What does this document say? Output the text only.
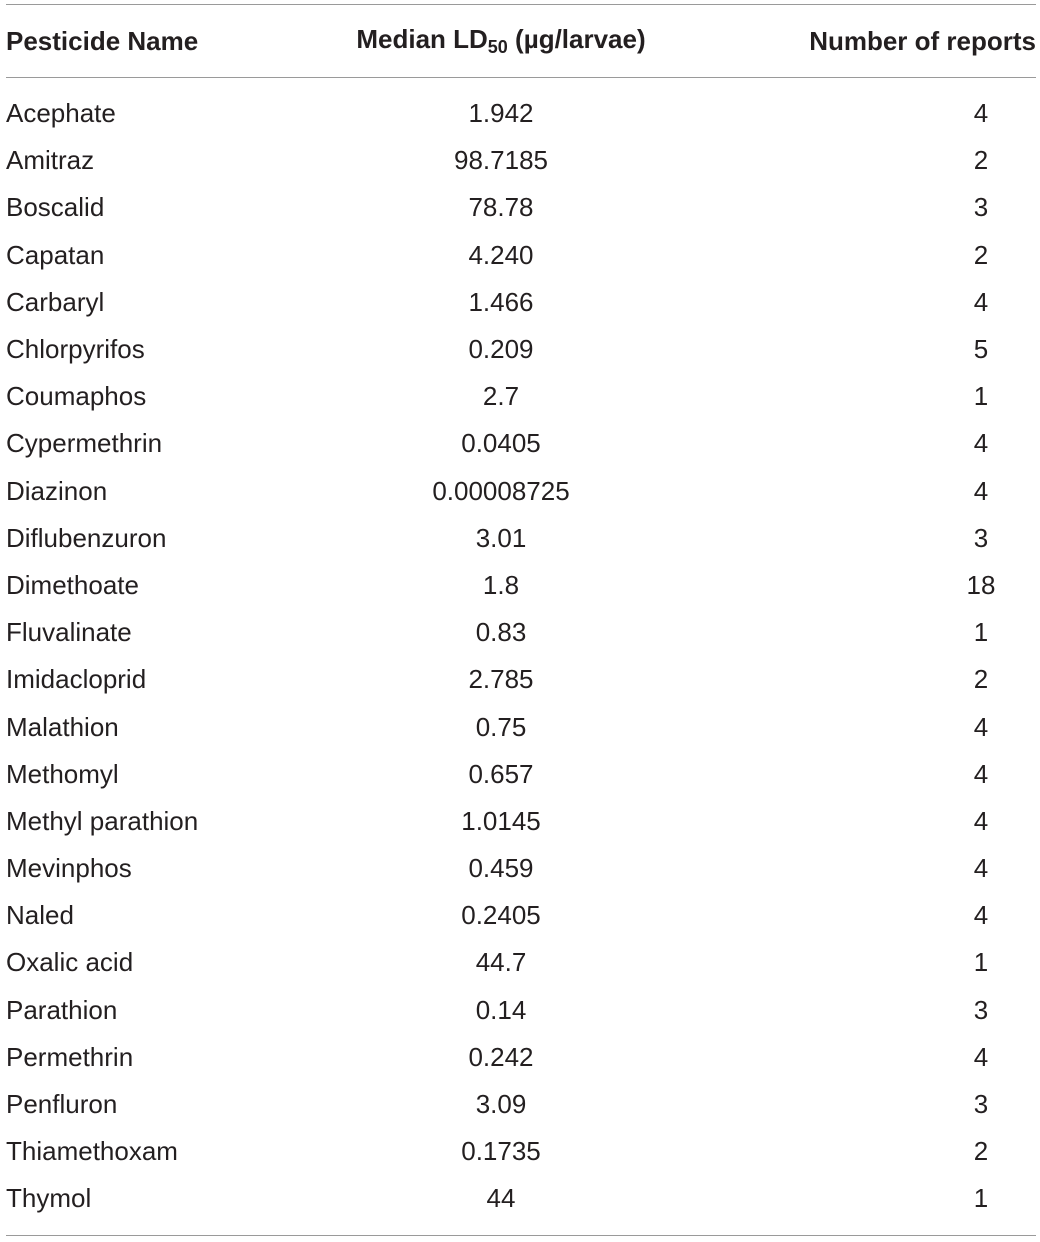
Pesticide Name	Median $LD_{50}$ (µg/larvae)	Number of reports
Acephate	1.942	4
Amitraz	98.7185	2
Boscalid	78.78	3
Capatan	4.240	2
Carbaryl	1.466	4
Chlorpyrifos	0.209	5
Coumaphos	2.7	1
Cypermethrin	0.0405	4
Diazinon	0.00008725	4
Diflubenzuron	3.01	3
Dimethoate	1.8	18
Fluvalinate	0.83	1
Imidacloprid	2.785	2
Malathion	0.75	4
Methomyl	0.657	4
Methyl parathion	1.0145	4
Mevinphos	0.459	4
Naled	0.2405	4
Oxalic acid	44.7	1
Parathion	0.14	3
Permethrin	0.242	4
Penfluron	3.09	3
Thiamethoxam	0.1735	2
Thymol	44	1
